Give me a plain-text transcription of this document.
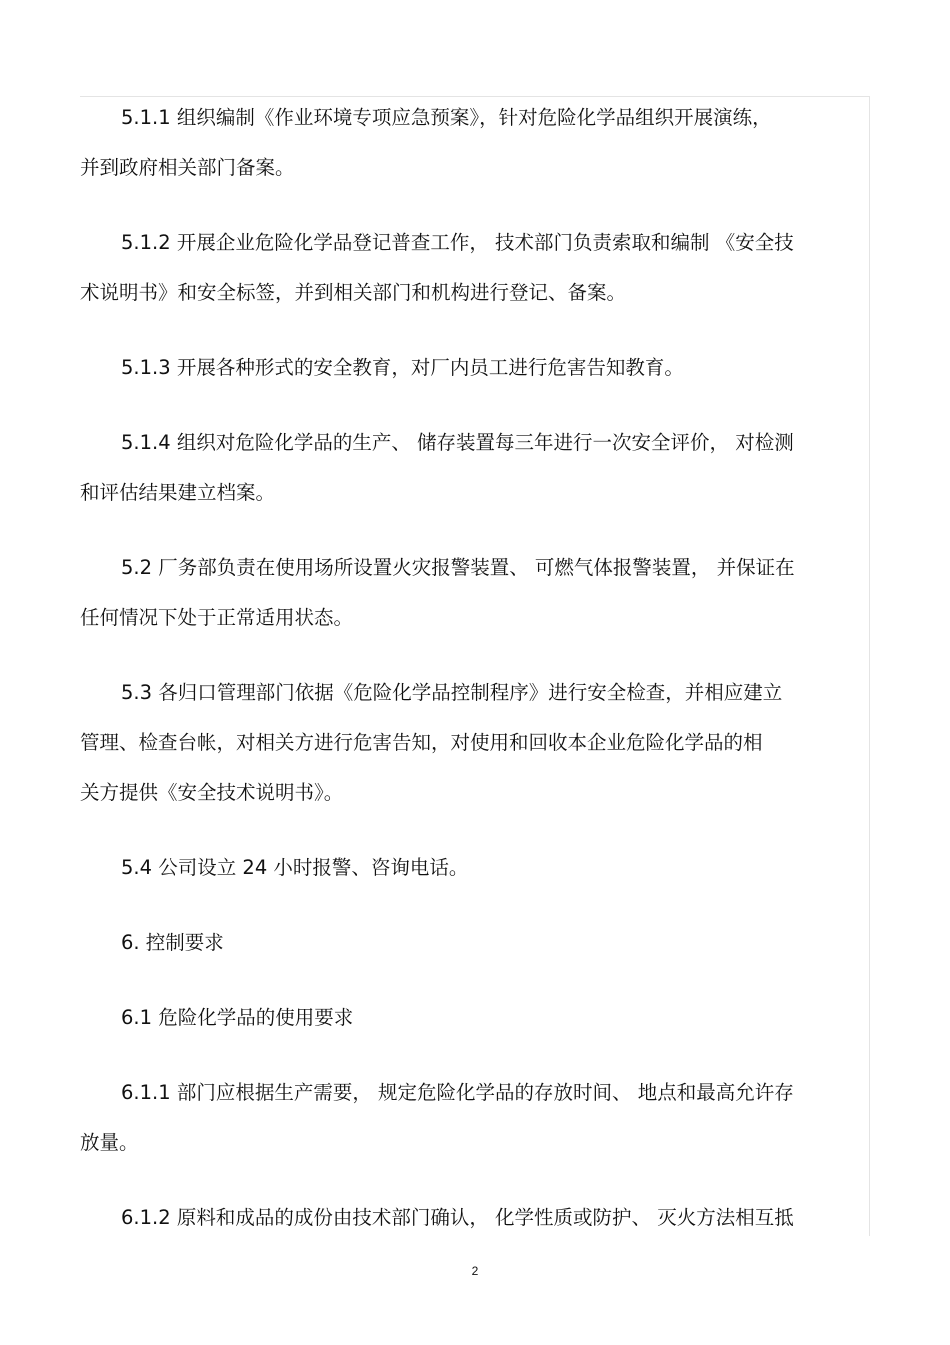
5.1.1 组织编制《作业环境专项应急预案》，针对危险化学品组织开展演练，
并到政府相关部门备案。
5.1.2 开展企业危险化学品登记普查工作， 技术部门负责索取和编制 《安全技
术说明书》和安全标签，并到相关部门和机构进行登记、备案。
5.1.3 开展各种形式的安全教育，对厂内员工进行危害告知教育。
5.1.4 组织对危险化学品的生产、 储存装置每三年进行一次安全评价， 对检测
和评估结果建立档案。
5.2 厂务部负责在使用场所设置火灾报警装置、 可燃气体报警装置， 并保证在
任何情况下处于正常适用状态。
5.3 各归口管理部门依据《危险化学品控制程序》进行安全检查，并相应建立
管理、检查台帐，对相关方进行危害告知，对使用和回收本企业危险化学品的相
关方提供《安全技术说明书》。
5.4 公司设立 24 小时报警、咨询电话。
6. 控制要求
6.1 危险化学品的使用要求
6.1.1 部门应根据生产需要， 规定危险化学品的存放时间、 地点和最高允许存
放量。
6.1.2 原料和成品的成份由技术部门确认， 化学性质或防护、 灭火方法相互抵
2
